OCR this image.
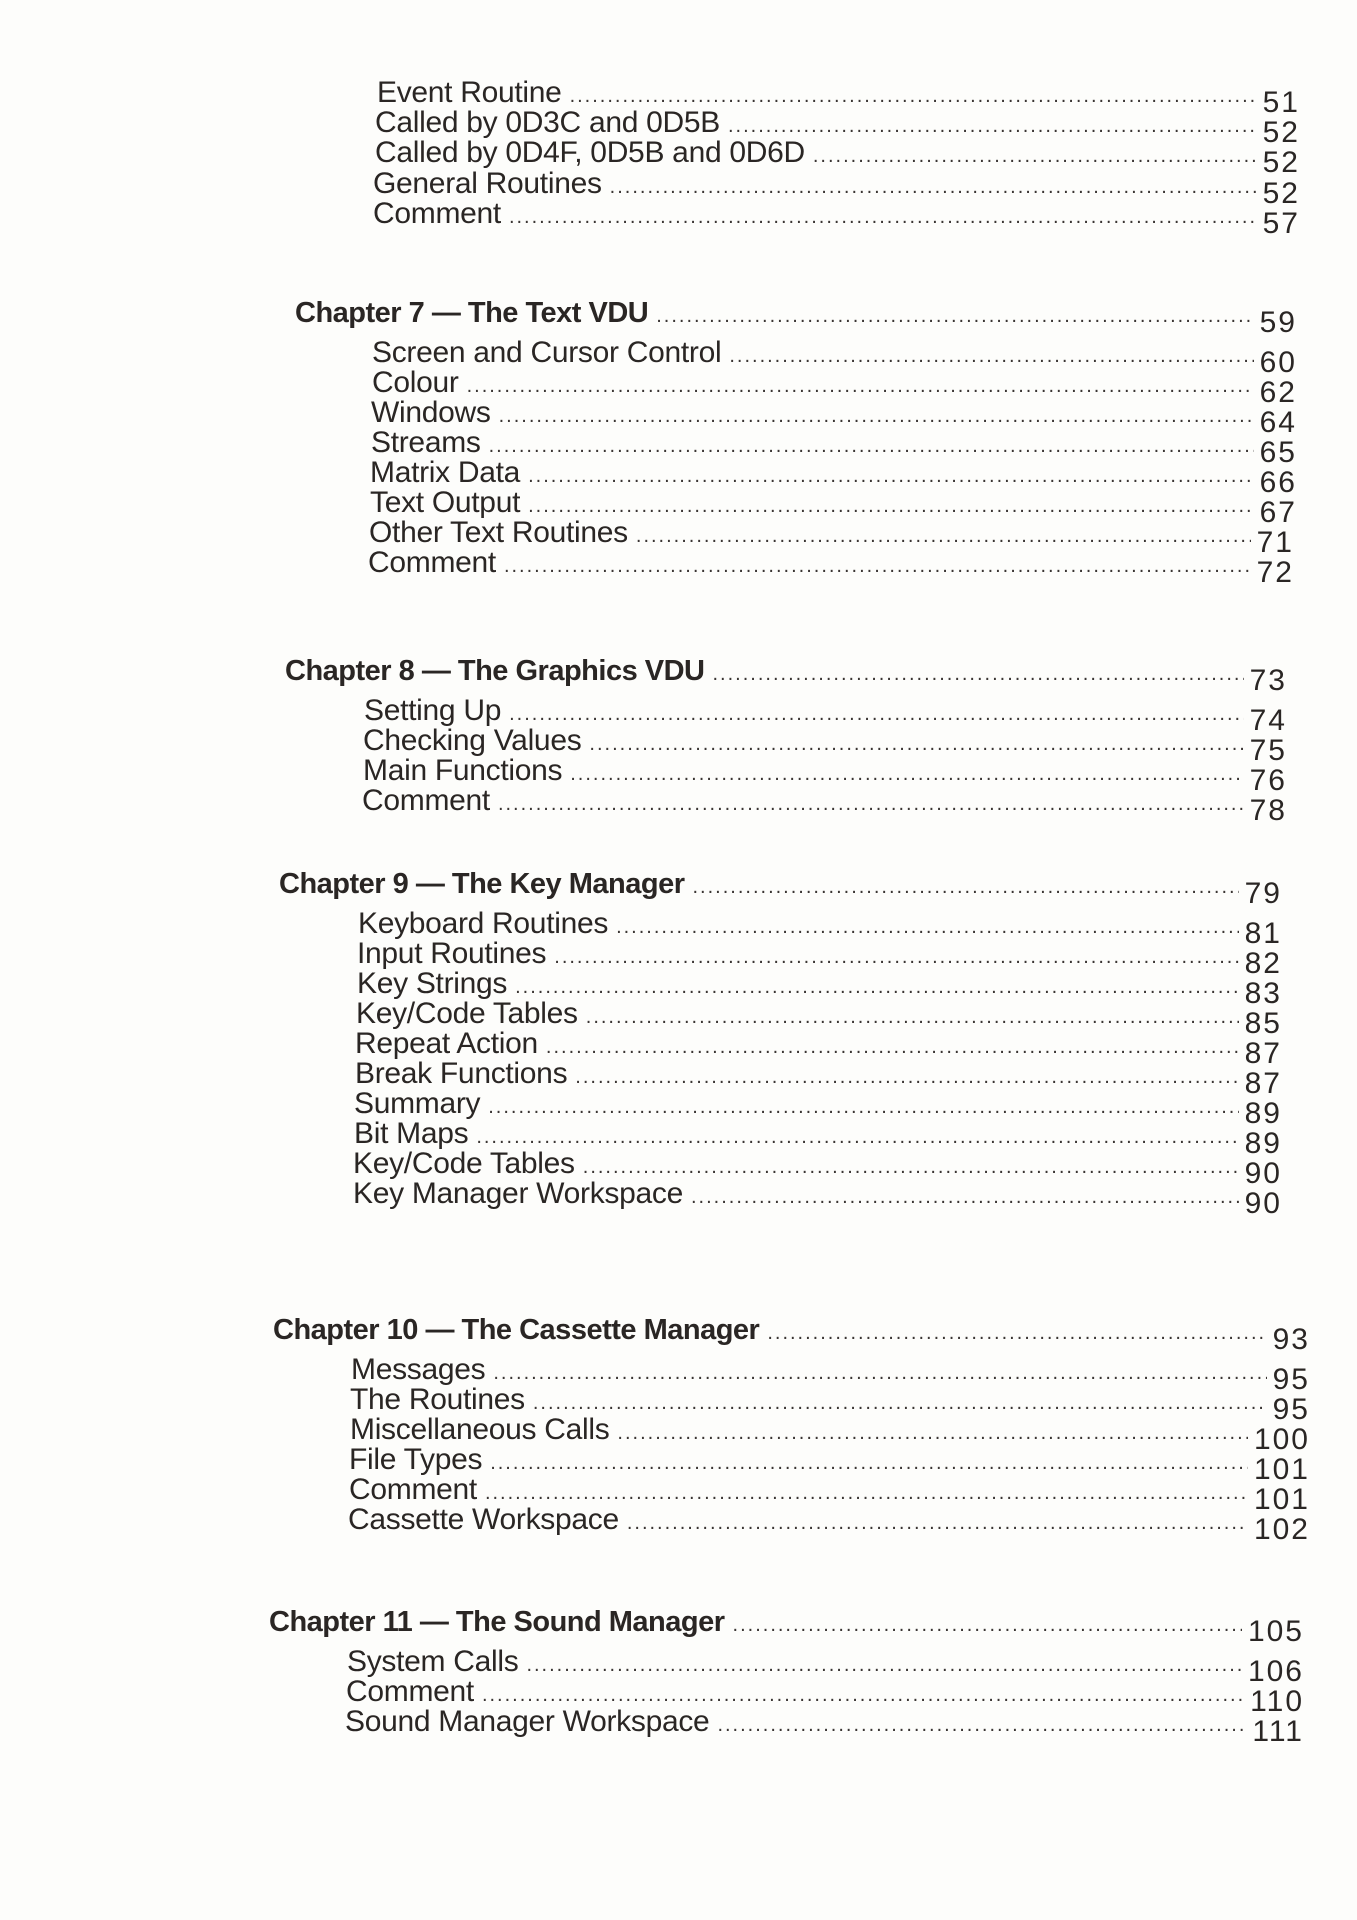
Event Routine .....	51
Called by 0D3C and 0D5B .....	52
Called by 0D4F, 0D5B and 0D6D .....	52
General Routines .....	52
Comment .....	57
Chapter 7 — The Text VDU .....	59
Screen and Cursor Control .....	60
Colour .....	62
Windows .....	64
Streams .....	65
Matrix Data .....	66
Text Output .....	67
Other Text Routines .....	71
Comment .....	72
Chapter 8 — The Graphics VDU .....	73
Setting Up .....	74
Checking Values .....	75
Main Functions .....	76
Comment .....	78
Chapter 9 — The Key Manager .....	79
Keyboard Routines .....	81
Input Routines .....	82
Key Strings .....	83
Key/Code Tables .....	85
Repeat Action .....	87
Break Functions .....	87
Summary .....	89
Bit Maps .....	89
Key/Code Tables .....	90
Key Manager Workspace .....	90
Chapter 10 — The Cassette Manager .....	93
Messages .....	95
The Routines .....	95
Miscellaneous Calls .....	100
File Types .....	101
Comment .....	101
Cassette Workspace .....	102
Chapter 11 — The Sound Manager .....	105
System Calls .....	106
Comment .....	110
Sound Manager Workspace .....	111
